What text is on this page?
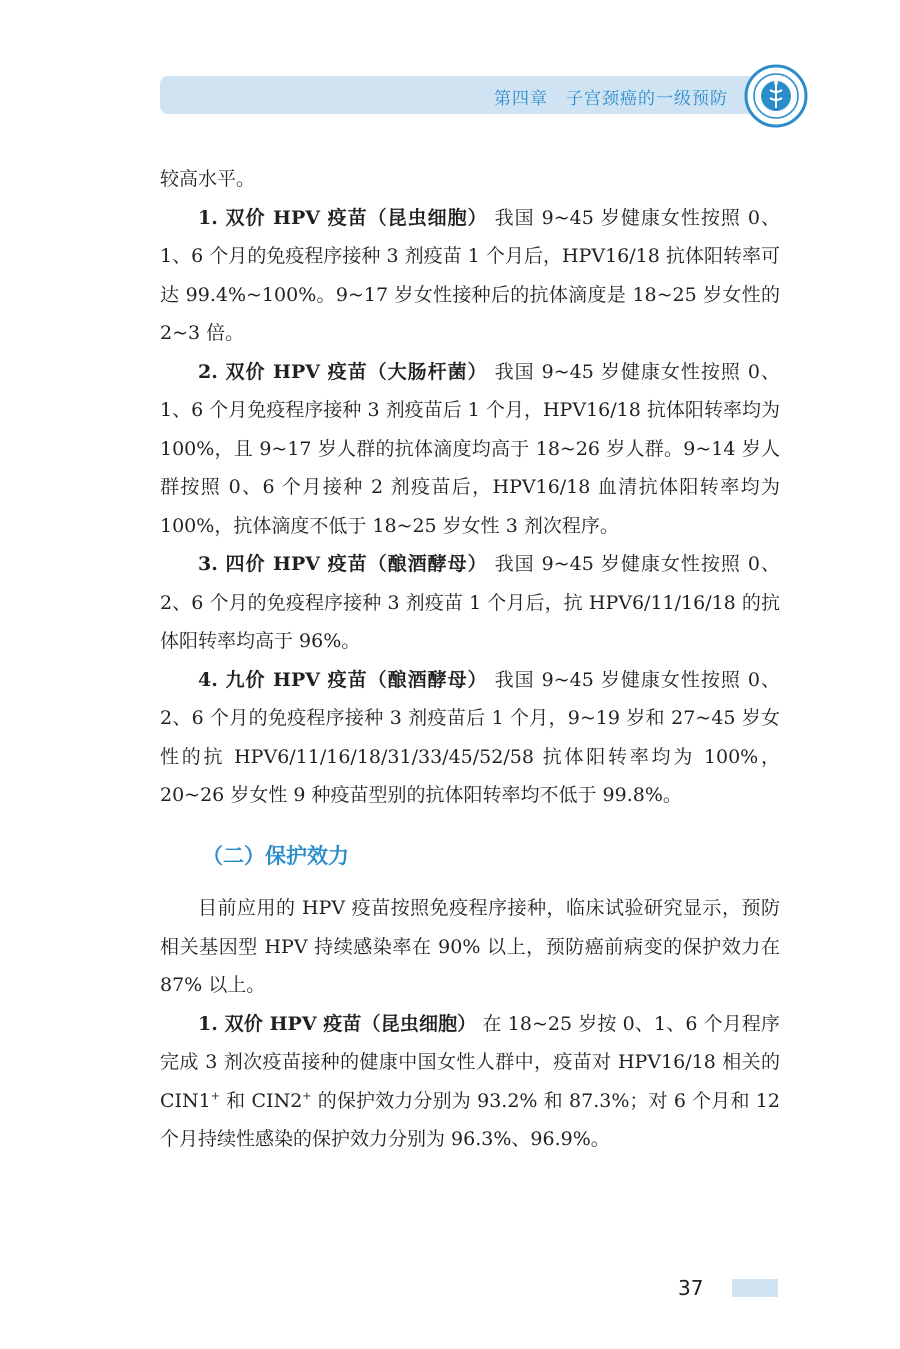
第四章　子宫颈癌的一级预防

较高水平。

1. 双价 HPV 疫苗（昆虫细胞） 我国 9~45 岁健康女性按照 0、1、6 个月的免疫程序接种 3 剂疫苗 1 个月后，HPV16/18 抗体阳转率可达 99.4%~100%。9~17 岁女性接种后的抗体滴度是 18~25 岁女性的 2~3 倍。

2. 双价 HPV 疫苗（大肠杆菌） 我国 9~45 岁健康女性按照 0、1、6 个月免疫程序接种 3 剂疫苗后 1 个月，HPV16/18 抗体阳转率均为 100%，且 9~17 岁人群的抗体滴度均高于 18~26 岁人群。9~14 岁人群按照 0、6 个月接种 2 剂疫苗后，HPV16/18 血清抗体阳转率均为 100%，抗体滴度不低于 18~25 岁女性 3 剂次程序。

3. 四价 HPV 疫苗（酿酒酵母） 我国 9~45 岁健康女性按照 0、2、6 个月的免疫程序接种 3 剂疫苗 1 个月后，抗 HPV6/11/16/18 的抗体阳转率均高于 96%。

4. 九价 HPV 疫苗（酿酒酵母） 我国 9~45 岁健康女性按照 0、2、6 个月的免疫程序接种 3 剂疫苗后 1 个月，9~19 岁和 27~45 岁女性的抗 HPV6/11/16/18/31/33/45/52/58 抗体阳转率均为 100%，20~26 岁女性 9 种疫苗型别的抗体阳转率均不低于 99.8%。

（二）保护效力

目前应用的 HPV 疫苗按照免疫程序接种，临床试验研究显示，预防相关基因型 HPV 持续感染率在 90% 以上，预防癌前病变的保护效力在 87% 以上。

1. 双价 HPV 疫苗（昆虫细胞） 在 18~25 岁按 0、1、6 个月程序完成 3 剂次疫苗接种的健康中国女性人群中，疫苗对 HPV16/18 相关的 CIN1+ 和 CIN2+ 的保护效力分别为 93.2% 和 87.3%；对 6 个月和 12 个月持续性感染的保护效力分别为 96.3%、96.9%。

37
